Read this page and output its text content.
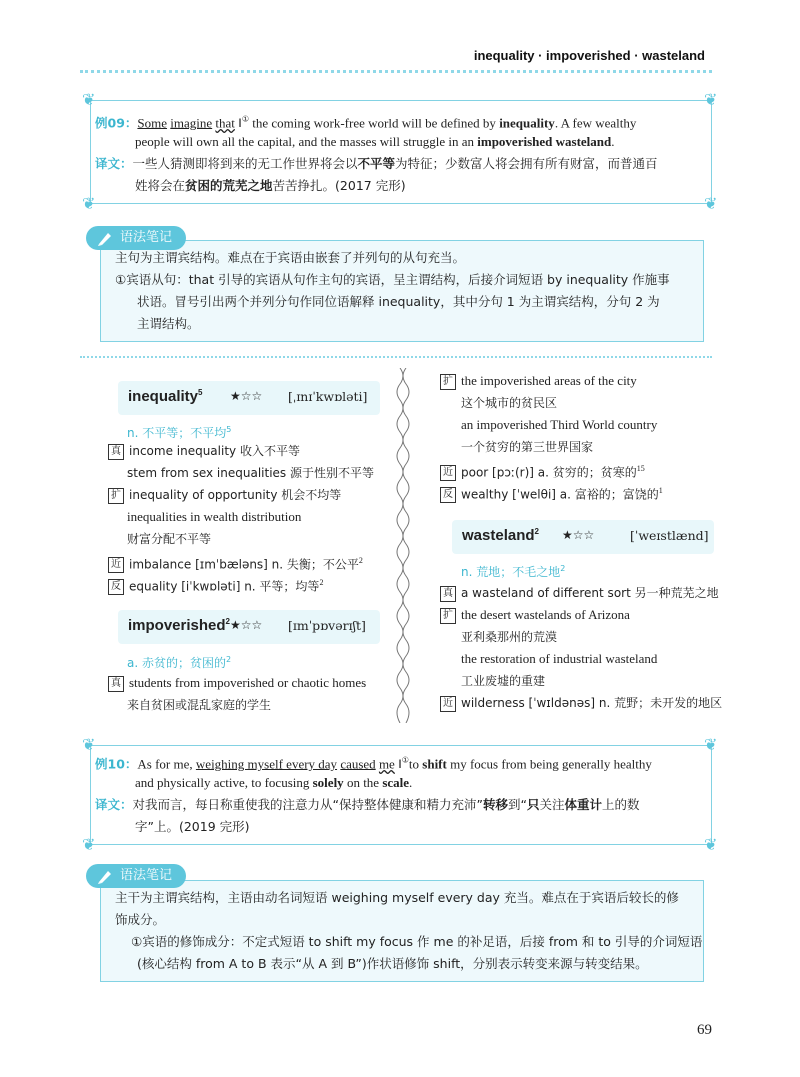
inequality · impoverished · wasteland
❦	❦
❦	❦
例09：Some imagine that ‖① the coming work-free world will be defined by inequality. A few wealthy
people will own all the capital, and the masses will struggle in an impoverished wasteland.
译文：一些人猜测即将到来的无工作世界将会以不平等为特征；少数富人将会拥有所有财富，而普通百
姓将会在贫困的荒芜之地苦苦挣扎。(2017 完形)
主句为主谓宾结构。难点在于宾语由嵌套了并列句的从句充当。
①宾语从句：that 引导的宾语从句作主句的宾语，呈主谓结构，后接介词短语 by inequality 作施事
状语。冒号引出两个并列分句作同位语解释 inequality，其中分句 1 为主谓宾结构，分句 2 为
主谓结构。
语法笔记
inequality$^5$ ★☆☆ [ˌɪnɪˈkwɒləti]
n. 不平等；不平均$^5$
真 income inequality 收入不平等
stem from sex inequalities 源于性别不平等
扩 inequality of opportunity 机会不均等
inequalities in wealth distribution
财富分配不平等
近 imbalance [ɪmˈbæləns] n. 失衡；不公平$^2$
反 equality [iˈkwɒləti] n. 平等；均等$^2$
impoverished$^2$ ★☆☆ [ɪmˈpɒvərɪʃt]
a. 赤贫的；贫困的$^2$
真 students from impoverished or chaotic homes
来自贫困或混乱家庭的学生
扩 the impoverished areas of the city
这个城市的贫民区
an impoverished Third World country
一个贫穷的第三世界国家
近 poor [pɔː(r)] a. 贫穷的；贫寒的$^{15}$
反 wealthy [ˈwelθi] a. 富裕的；富饶的$^1$
wasteland$^2$ ★☆☆	[ˈweɪstlænd]
n. 荒地；不毛之地$^2$
真 a wasteland of different sort 另一种荒芜之地
扩 the desert wastelands of Arizona
亚利桑那州的荒漠
the restoration of industrial wasteland
工业废墟的重建
近 wilderness [ˈwɪldənəs] n. 荒野；未开发的地区
❦	❦
❦	❦
例10：As for me, weighing myself every day caused me ‖①to shift my focus from being generally healthy
and physically active, to focusing solely on the scale.
译文：对我而言，每日称重使我的注意力从“保持整体健康和精力充沛”转移到“只关注体重计上的数
字”上。(2019 完形)
主干为主谓宾结构，主语由动名词短语 weighing myself every day 充当。难点在于宾语后较长的修
饰成分。
①宾语的修饰成分：不定式短语 to shift my focus 作 me 的补足语，后接 from 和 to 引导的介词短语
(核心结构 from A to B 表示“从 A 到 B”)作状语修饰 shift，分别表示转变来源与转变结果。
语法笔记
69
